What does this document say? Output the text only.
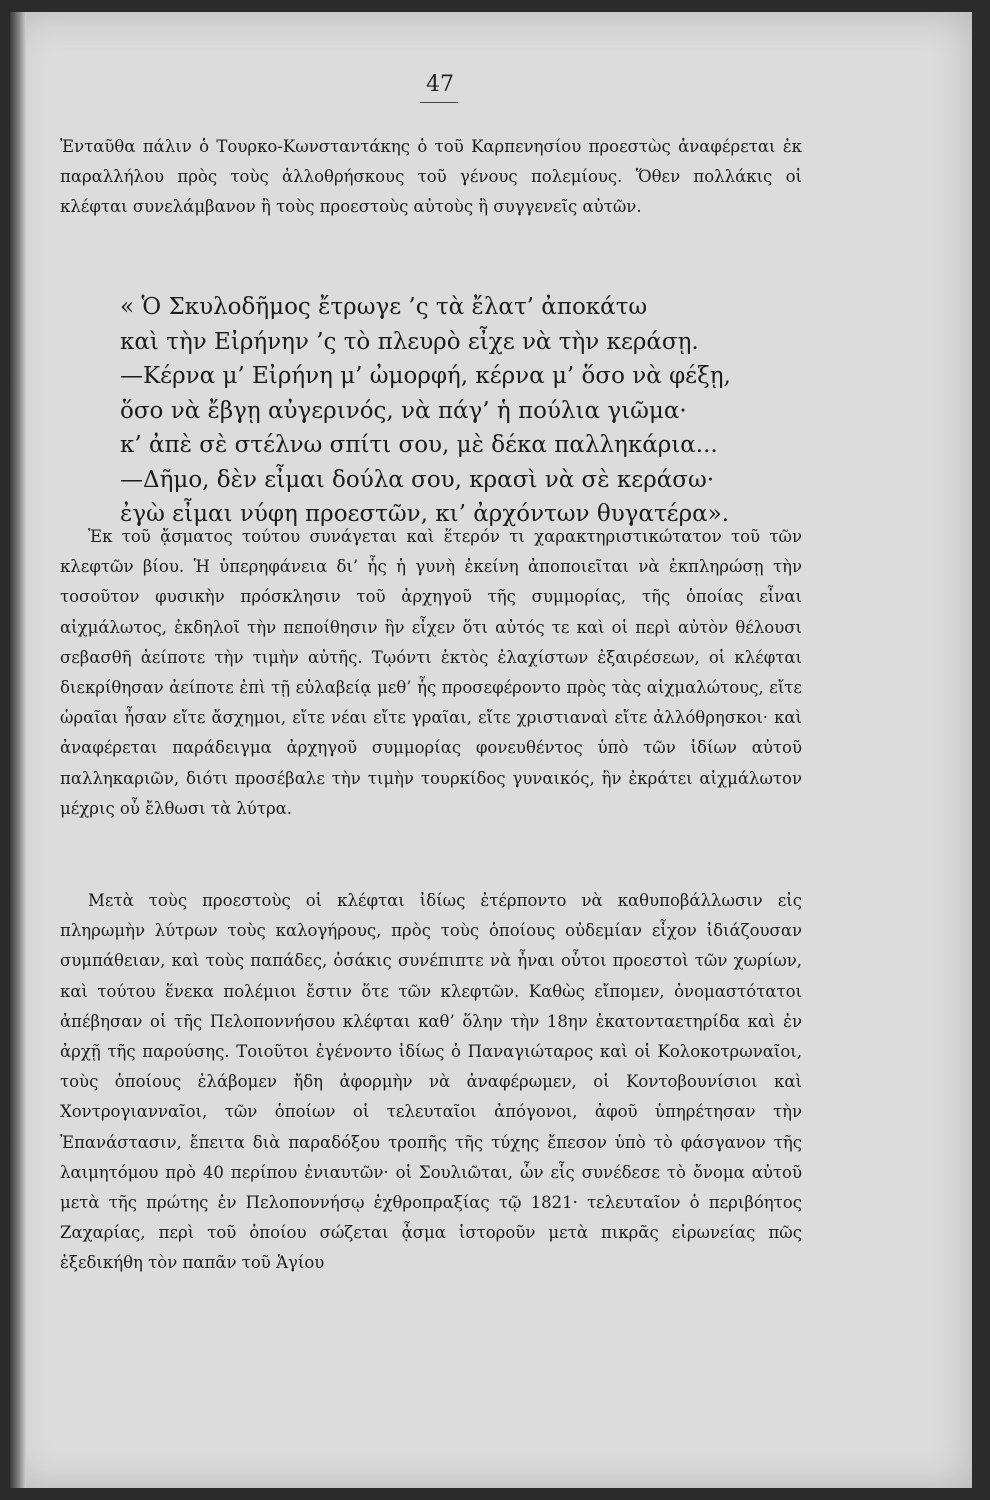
47
Ἐνταῦθα πάλιν ὁ Τουρκο-Κωνσταντάκης ὁ τοῦ Καρπενησίου προεστὼς ἀναφέρεται ἐκ παραλλήλου πρὸς τοὺς ἀλλοθρήσκους τοῦ γένους πολεμίους. Ὅθεν πολλάκις οἱ κλέφται συνελάμβανον ἢ τοὺς προεστοὺς αὐτοὺς ἢ συγγενεῖς αὐτῶν.
« Ὁ Σκυλοδῆμος ἔτρωγε ’ς τὰ ἔλατ’ ἀποκάτω
καὶ τὴν Εἰρήνην ’ς τὸ πλευρὸ εἶχε νὰ τὴν κεράσῃ.
—Κέρνα μ’ Εἰρήνη μ’ ὠμορφή, κέρνα μ’ ὅσο νὰ φέξῃ,
ὅσο νὰ ἔβγῃ αὐγερινός, νὰ πάγ’ ἡ πούλια γιῶμα·
κ’ ἀπὲ σὲ στέλνω σπίτι σου, μὲ δέκα παλληκάρια...
—Δῆμο, δὲν εἶμαι δούλα σου, κρασὶ νὰ σὲ κεράσω·
ἐγὼ εἶμαι νύφη προεστῶν, κι’ ἀρχόντων θυγατέρα».
Ἐκ τοῦ ᾄσματος τούτου συνάγεται καὶ ἕτερόν τι χαρακτηριστικώτατον τοῦ τῶν κλεφτῶν βίου. Ἡ ὑπερηφάνεια δι’ ἧς ἡ γυνὴ ἐκείνη ἀποποιεῖται νὰ ἐκπληρώσῃ τὴν τοσοῦτον φυσικὴν πρόσκλησιν τοῦ ἀρχηγοῦ τῆς συμμορίας, τῆς ὁποίας εἶναι αἰχμάλωτος, ἐκδηλοῖ τὴν πεποίθησιν ἣν εἶχεν ὅτι αὐτός τε καὶ οἱ περὶ αὐτὸν θέλουσι σεβασθῆ ἀείποτε τὴν τιμὴν αὐτῆς. Τῳόντι ἐκτὸς ἐλαχίστων ἐξαιρέσεων, οἱ κλέφται διεκρίθησαν ἀείποτε ἐπὶ τῇ εὐλαβείᾳ μεθ’ ἧς προσεφέροντο πρὸς τὰς αἰχμαλώτους, εἴτε ὡραῖαι ἦσαν εἴτε ἄσχημοι, εἴτε νέαι εἴτε γραῖαι, εἴτε χριστιαναὶ εἴτε ἀλλόθρησκοι· καὶ ἀναφέρεται παράδειγμα ἀρχηγοῦ συμμορίας φονευθέντος ὑπὸ τῶν ἰδίων αὐτοῦ παλληκαριῶν, διότι προσέβαλε τὴν τιμὴν τουρκίδος γυναικός, ἣν ἐκράτει αἰχμάλωτον μέχρις οὗ ἔλθωσι τὰ λύτρα.
Μετὰ τοὺς προεστοὺς οἱ κλέφται ἰδίως ἐτέρποντο νὰ καθυποβάλλωσιν εἰς πληρωμὴν λύτρων τοὺς καλογήρους, πρὸς τοὺς ὁποίους οὐδεμίαν εἶχον ἰδιάζουσαν συμπάθειαν, καὶ τοὺς παπάδες, ὁσάκις συνέπιπτε νὰ ἦναι οὗτοι προεστοὶ τῶν χωρίων, καὶ τούτου ἕνεκα πολέμιοι ἔστιν ὅτε τῶν κλεφτῶν. Καθὼς εἴπομεν, ὀνομαστότατοι ἀπέβησαν οἱ τῆς Πελοποννήσου κλέφται καθ’ ὅλην τὴν 18ην ἑκατονταετηρίδα καὶ ἐν ἀρχῇ τῆς παρούσης. Τοιοῦτοι ἐγένοντο ἰδίως ὁ Παναγιώταρος καὶ οἱ Κολοκοτρωναῖοι, τοὺς ὁποίους ἐλάβομεν ἤδη ἀφορμὴν νὰ ἀναφέρωμεν, οἱ Κοντοβουνίσιοι καὶ Χοντρογιανναῖοι, τῶν ὁποίων οἱ τελευταῖοι ἀπόγονοι, ἀφοῦ ὑπηρέτησαν τὴν Ἐπανάστασιν, ἔπειτα διὰ παραδόξου τροπῆς τῆς τύχης ἔπεσον ὑπὸ τὸ φάσγανον τῆς λαιμητόμου πρὸ 40 περίπου ἐνιαυτῶν· οἱ Σουλιῶται, ὧν εἷς συνέδεσε τὸ ὄνομα αὐτοῦ μετὰ τῆς πρώτης ἐν Πελοποννήσῳ ἐχθροπραξίας τῷ 1821· τελευταῖον ὁ περιβόητος Ζαχαρίας, περὶ τοῦ ὁποίου σώζεται ᾆσμα ἱστοροῦν μετὰ πικρᾶς εἰρωνείας πῶς ἐξεδικήθη τὸν παπᾶν τοῦ Ἁγίου
